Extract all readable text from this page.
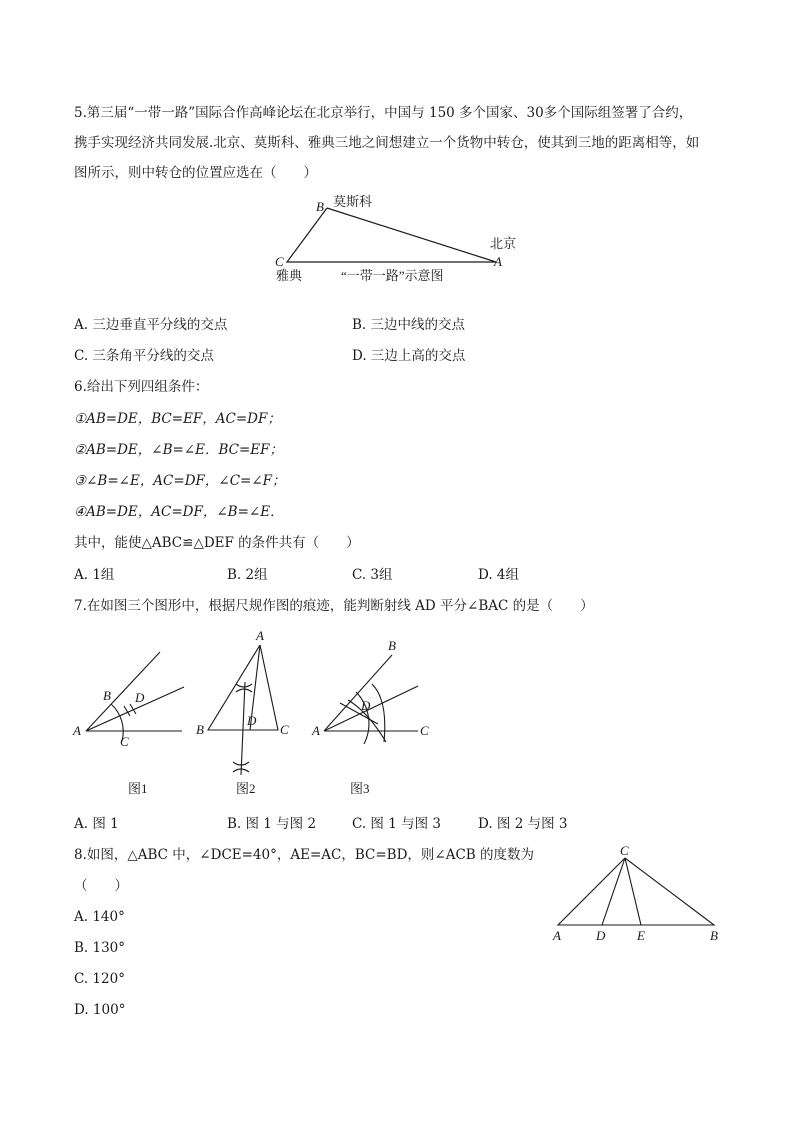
5.第三届“一带一路”国际合作高峰论坛在北京举行，中国与 150 多个国家、30多个国际组签署了合约，
携手实现经济共同发展.北京、莫斯科、雅典三地之间想建立一个货物中转仓，使其到三地的距离相等，如
图所示，则中转仓的位置应选在（　　）
B 莫斯科
北京
C	A
雅典	“一带一路”示意图
A. 三边垂直平分线的交点	B. 三边中线的交点
C. 三条角平分线的交点	D. 三边上高的交点
6.给出下列四组条件：
①AB=DE，BC=EF，AC=DF；
②AB=DE，∠B=∠E．BC=EF；
③∠B=∠E，AC=DF，∠C=∠F；
④AB=DE，AC=DF，∠B=∠E．
其中，能使△ABC≌△DEF 的条件共有（　　）
A. 1组	B. 2组	C. 3组	D. 4组
7.在如图三个图形中，根据尺规作图的痕迹，能判断射线 AD 平分∠BAC 的是（　　）
A
B D
C
图1
A
B	C
D
图2
B
A	C
D
图3
A. 图 1	B. 图 1 与图 2	C. 图 1 与图 3	D. 图 2 与图 3
8.如图，△ABC 中，∠DCE=40°，AE=AC，BC=BD，则∠ACB 的度数为
（　　）
A. 140°
B. 130°
C. 120°
D. 100°
C
A	D E	B
